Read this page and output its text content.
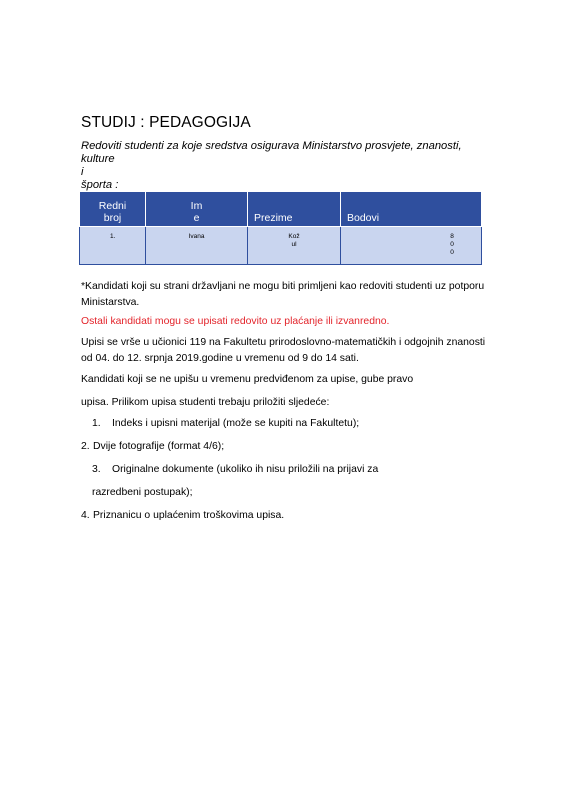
STUDIJ : PEDAGOGIJA
Redoviti studenti za koje sredstva osigurava Ministarstvo prosvjete, znanosti, kulture
i
športa :
Redni broj	Im e	Prezime	Bodovi
1.	Ivana	Kožul	800
*Kandidati koji su strani državljani ne mogu biti primljeni kao redoviti studenti uz potporu Ministarstva.
Ostali kandidati mogu se upisati redovito uz plaćanje ili izvanredno.
Upisi se vrše u učionici 119 na Fakultetu prirodoslovno-matematičkih i odgojnih znanosti od 04. do 12. srpnja 2019.godine u vremenu od 9 do 14 sati.
Kandidati koji se ne upišu u vremenu predviđenom za upise, gube pravo
upisa. Prilikom upisa studenti trebaju priložiti sljedeće:
1. Indeks i upisni materijal (može se kupiti na Fakultetu);
2. Dvije fotografije (format 4/6);
3. Originalne dokumente (ukoliko ih nisu priložili na prijavi za
razredbeni postupak);
4. Priznanicu o uplaćenim troškovima upisa.
